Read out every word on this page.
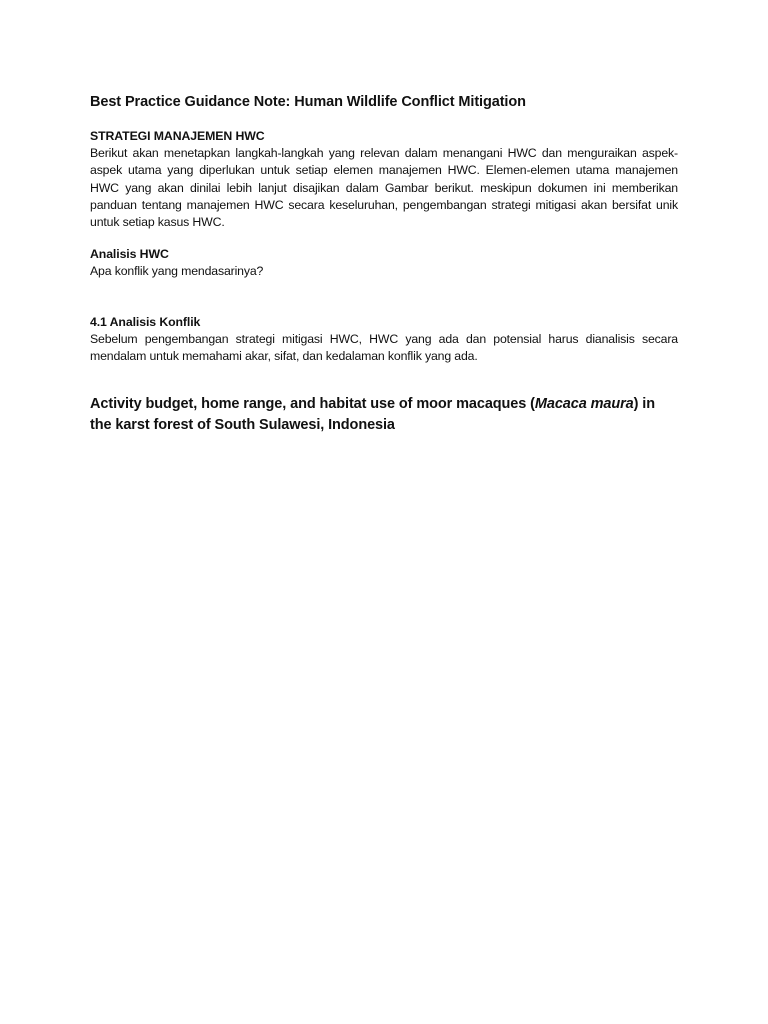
Best Practice Guidance Note: Human Wildlife Conflict Mitigation
STRATEGI MANAJEMEN HWC

Berikut akan menetapkan langkah-langkah yang relevan dalam menangani HWC dan menguraikan aspek-aspek utama yang diperlukan untuk setiap elemen manajemen HWC. Elemen-elemen utama manajemen HWC yang akan dinilai lebih lanjut disajikan dalam Gambar berikut. meskipun dokumen ini memberikan panduan tentang manajemen HWC secara keseluruhan, pengembangan strategi mitigasi akan bersifat unik untuk setiap kasus HWC.

Analisis HWC

Apa konflik yang mendasarinya?

4.1 Analisis Konflik

Sebelum pengembangan strategi mitigasi HWC, HWC yang ada dan potensial harus dianalisis secara mendalam untuk memahami akar, sifat, dan kedalaman konflik yang ada.

Activity budget, home range, and habitat use of moor macaques (Macaca maura) in the karst forest of South Sulawesi, Indonesia
